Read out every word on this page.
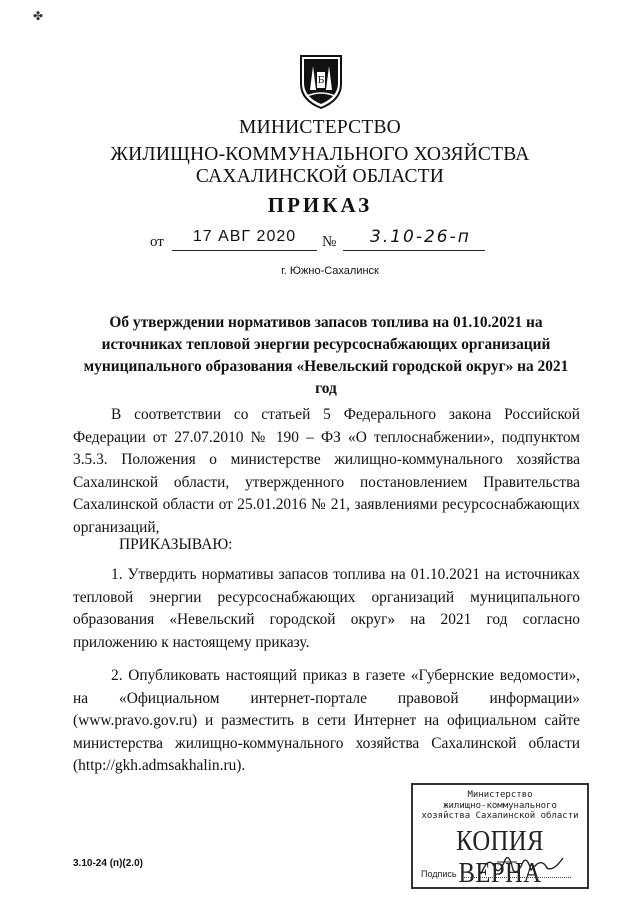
✤
Б
МИНИСТЕРСТВО
ЖИЛИЩНО-КОММУНАЛЬНОГО ХОЗЯЙСТВА
САХАЛИНСКОЙ ОБЛАСТИ
ПРИКАЗ
от	17 АВГ 2020	№ 3.10-26-п
г. Южно-Сахалинск
Об утверждении нормативов запасов топлива на 01.10.2021 на источниках тепловой энергии ресурсоснабжающих организаций муниципального образования «Невельский городской округ» на 2021 год

В соответствии со статьей 5 Федерального закона Российской Федерации от 27.07.2010 № 190 – ФЗ «О теплоснабжении», подпунктом 3.5.3. Положения о министерстве жилищно-коммунального хозяйства Сахалинской области, утвержденного постановлением Правительства Сахалинской области от 25.01.2016 № 21, заявлениями ресурсоснабжающих организаций,

ПРИКАЗЫВАЮ:

1. Утвердить нормативы запасов топлива на 01.10.2021 на источниках тепловой энергии ресурсоснабжающих организаций муниципального образования «Невельский городской округ» на 2021 год согласно приложению к настоящему приказу.

2. Опубликовать настоящий приказ в газете «Губернские ведомости», на «Официальном интернет-портале правовой информации» (www.pravo.gov.ru) и разместить в сети Интернет на официальном сайте министерства жилищно-коммунального хозяйства Сахалинской области (http://gkh.admsakhalin.ru).

Министерство
жилищно-коммунального
хозяйства Сахалинской области
КОПИЯ ВЕРНА
Подпись
3.10-24 (п)(2.0)
